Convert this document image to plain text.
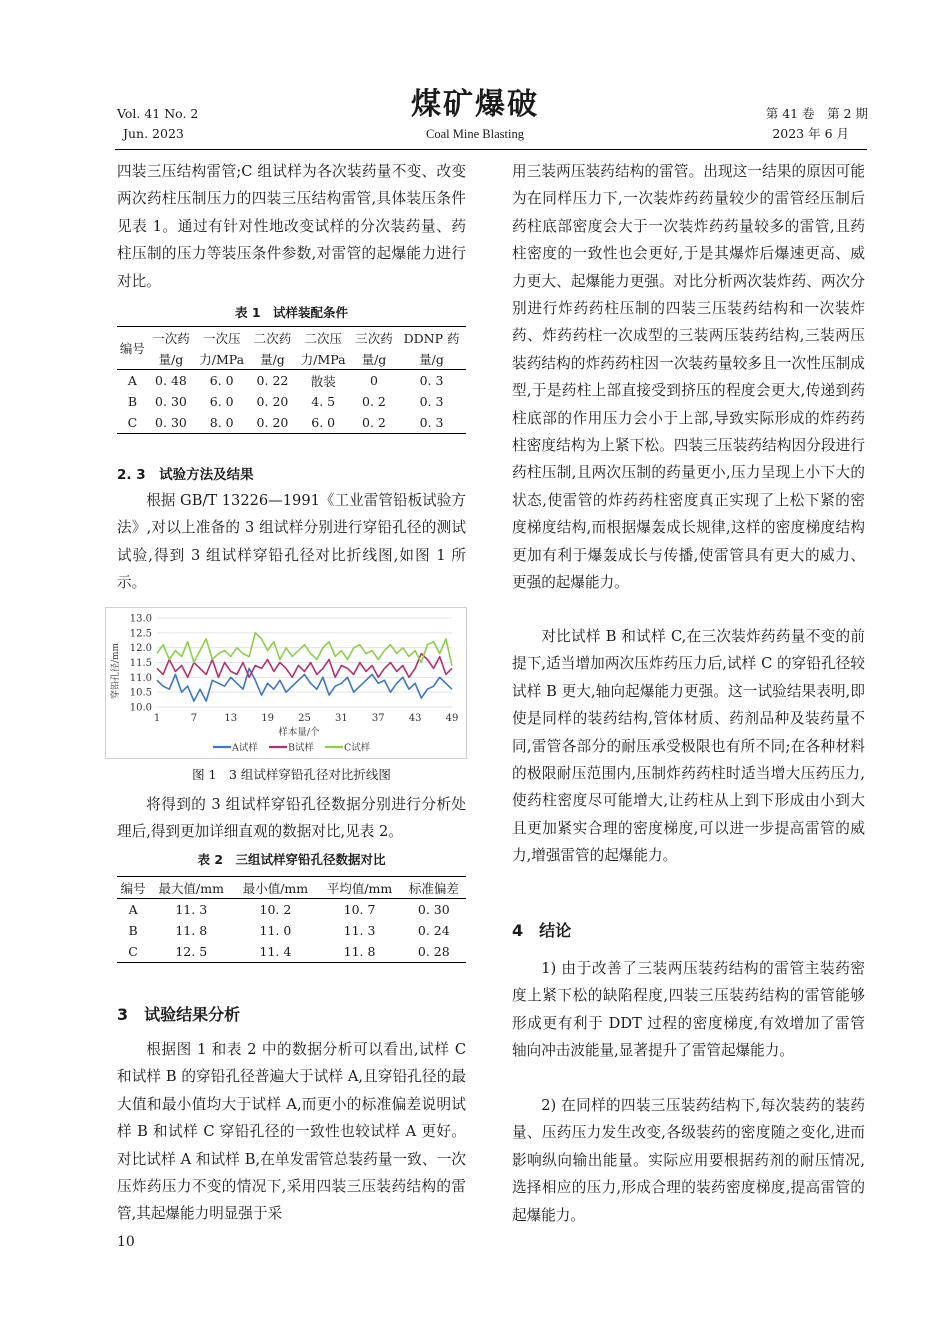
Vol. 41 No. 2
Jun. 2023
煤矿爆破
Coal Mine Blasting
第 41 卷　第 2 期
2023 年 6 月

四装三压结构雷管;C 组试样为各次装药量不变、改变两次药柱压制压力的四装三压结构雷管,具体装压条件见表 1。通过有针对性地改变试样的分次装药量、药柱压制的压力等装压条件参数,对雷管的起爆能力进行对比。

表 1　试样装配条件
编号	一次药	一次压	二次药	二次压	三次药	DDNP 药
	量/g	力/MPa	量/g	力/MPa	量/g	量/g
A	0. 48	6. 0	0. 22	散装	0	0. 3
B	0. 30	6. 0	0. 20	4. 5	0. 2	0. 3
C	0. 30	8. 0	0. 20	6. 0	0. 2	0. 3
2. 3　试验方法及结果

根据 GB/T 13226—1991《工业雷管铅板试验方法》,对以上准备的 3 组试样分别进行穿铅孔径的测试试验,得到 3 组试样穿铅孔径对比折线图,如图 1 所示。

10.0
10.5
11.0
11.5
12.0
12.5
13.0
1	7	13 19 25 31 37 43 49
穿铅孔径/mm
样本量/个
A试样	B试样	C试样
图 1　3 组试样穿铅孔径对比折线图

将得到的 3 组试样穿铅孔径数据分别进行分析处理后,得到更加详细直观的数据对比,见表 2。

表 2　三组试样穿铅孔径数据对比
编号	最大值/mm	最小值/mm	平均值/mm	标准偏差
A	11. 3	10. 2	10. 7	0. 30
B	11. 8	11. 0	11. 3	0. 24
C	12. 5	11. 4	11. 8	0. 28
3　试验结果分析

根据图 1 和表 2 中的数据分析可以看出,试样 C 和试样 B 的穿铅孔径普遍大于试样 A,且穿铅孔径的最大值和最小值均大于试样 A,而更小的标准偏差说明试样 B 和试样 C 穿铅孔径的一致性也较试样 A 更好。对比试样 A 和试样 B,在单发雷管总装药量一致、一次压炸药压力不变的情况下,采用四装三压装药结构的雷管,其起爆能力明显强于采

10

用三装两压装药结构的雷管。出现这一结果的原因可能为在同样压力下,一次装炸药药量较少的雷管经压制后药柱底部密度会大于一次装炸药药量较多的雷管,且药柱密度的一致性也会更好,于是其爆炸后爆速更高、威力更大、起爆能力更强。对比分析两次装炸药、两次分别进行炸药药柱压制的四装三压装药结构和一次装炸药、炸药药柱一次成型的三装两压装药结构,三装两压装药结构的炸药药柱因一次装药量较多且一次性压制成型,于是药柱上部直接受到挤压的程度会更大,传递到药柱底部的作用压力会小于上部,导致实际形成的炸药药柱密度结构为上紧下松。四装三压装药结构因分段进行药柱压制,且两次压制的药量更小,压力呈现上小下大的状态,使雷管的炸药药柱密度真正实现了上松下紧的密度梯度结构,而根据爆轰成长规律,这样的密度梯度结构更加有利于爆轰成长与传播,使雷管具有更大的威力、更强的起爆能力。

对比试样 B 和试样 C,在三次装炸药药量不变的前提下,适当增加两次压炸药压力后,试样 C 的穿铅孔径较试样 B 更大,轴向起爆能力更强。这一试验结果表明,即使是同样的装药结构,管体材质、药剂品种及装药量不同,雷管各部分的耐压承受极限也有所不同;在各种材料的极限耐压范围内,压制炸药药柱时适当增大压药压力,使药柱密度尽可能增大,让药柱从上到下形成由小到大且更加紧实合理的密度梯度,可以进一步提高雷管的威力,增强雷管的起爆能力。

4　结论

1) 由于改善了三装两压装药结构的雷管主装药密度上紧下松的缺陷程度,四装三压装药结构的雷管能够形成更有利于 DDT 过程的密度梯度,有效增加了雷管轴向冲击波能量,显著提升了雷管起爆能力。

2) 在同样的四装三压装药结构下,每次装药的装药量、压药压力发生改变,各级装药的密度随之变化,进而影响纵向输出能量。实际应用要根据药剂的耐压情况,选择相应的压力,形成合理的装药密度梯度,提高雷管的起爆能力。
